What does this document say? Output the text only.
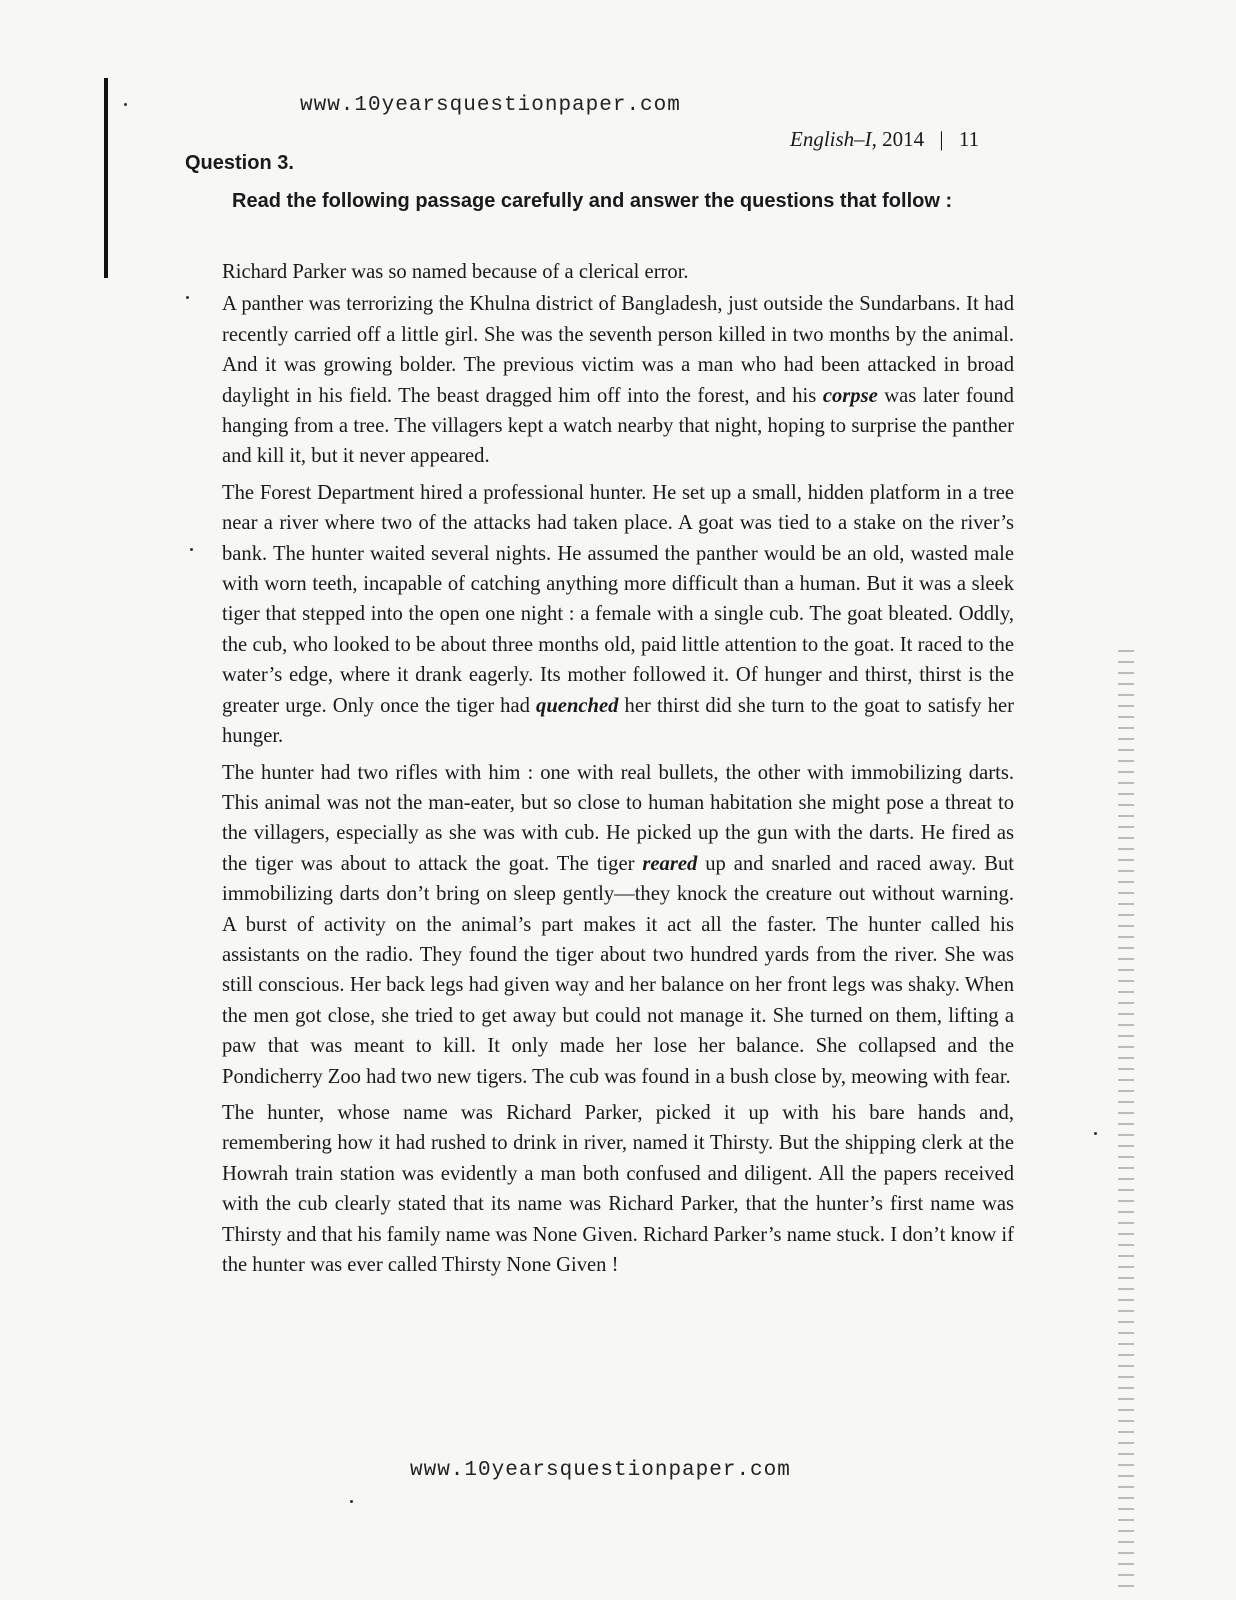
www.10yearsquestionpaper.com
English–I, 2014 | 11
Question 3.
Read the following passage carefully and answer the questions that follow :

Richard Parker was so named because of a clerical error.

A panther was terrorizing the Khulna district of Bangladesh, just outside the Sundarbans. It had recently carried off a little girl. She was the seventh person killed in two months by the animal. And it was growing bolder. The previous victim was a man who had been attacked in broad daylight in his field. The beast dragged him off into the forest, and his corpse was later found hanging from a tree. The villagers kept a watch nearby that night, hoping to surprise the panther and kill it, but it never appeared.

The Forest Department hired a professional hunter. He set up a small, hidden platform in a tree near a river where two of the attacks had taken place. A goat was tied to a stake on the river’s bank. The hunter waited several nights. He assumed the panther would be an old, wasted male with worn teeth, incapable of catching anything more difficult than a human. But it was a sleek tiger that stepped into the open one night : a female with a single cub. The goat bleated. Oddly, the cub, who looked to be about three months old, paid little attention to the goat. It raced to the water’s edge, where it drank eagerly. Its mother followed it. Of hunger and thirst, thirst is the greater urge. Only once the tiger had quenched her thirst did she turn to the goat to satisfy her hunger.

The hunter had two rifles with him : one with real bullets, the other with immobilizing darts. This animal was not the man-eater, but so close to human habitation she might pose a threat to the villagers, especially as she was with cub. He picked up the gun with the darts. He fired as the tiger was about to attack the goat. The tiger reared up and snarled and raced away. But immobilizing darts don’t bring on sleep gently—they knock the creature out without warning. A burst of activity on the animal’s part makes it act all the faster. The hunter called his assistants on the radio. They found the tiger about two hundred yards from the river. She was still conscious. Her back legs had given way and her balance on her front legs was shaky. When the men got close, she tried to get away but could not manage it. She turned on them, lifting a paw that was meant to kill. It only made her lose her balance. She collapsed and the Pondicherry Zoo had two new tigers. The cub was found in a bush close by, meowing with fear.

The hunter, whose name was Richard Parker, picked it up with his bare hands and, remembering how it had rushed to drink in river, named it Thirsty. But the shipping clerk at the Howrah train station was evidently a man both confused and diligent. All the papers received with the cub clearly stated that its name was Richard Parker, that the hunter’s first name was Thirsty and that his family name was None Given. Richard Parker’s name stuck. I don’t know if the hunter was ever called Thirsty None Given !

www.10yearsquestionpaper.com
